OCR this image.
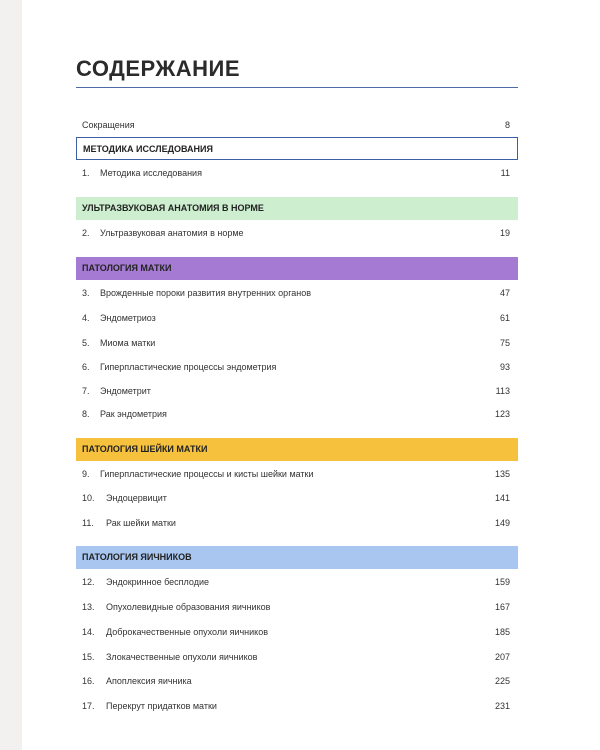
СОДЕРЖАНИЕ
Сокращения	8
МЕТОДИКА ИССЛЕДОВАНИЯ
1. Методика исследования	11
УЛЬТРАЗВУКОВАЯ АНАТОМИЯ В НОРМЕ
2. Ультразвуковая анатомия в норме	19
ПАТОЛОГИЯ МАТКИ
3. Врожденные пороки развития внутренних органов	47
4. Эндометриоз	61
5. Миома матки	75
6. Гиперпластические процессы эндометрия	93
7. Эндометрит	113
8. Рак эндометрия	123
ПАТОЛОГИЯ ШЕЙКИ МАТКИ
9. Гиперпластические процессы и кисты шейки матки	135
10. Эндоцервицит	141
11. Рак шейки матки	149
ПАТОЛОГИЯ ЯИЧНИКОВ
12. Эндокринное бесплодие	159
13. Опухолевидные образования яичников	167
14. Доброкачественные опухоли яичников	185
15. Злокачественные опухоли яичников	207
16. Апоплексия яичника	225
17. Перекрут придатков матки	231
